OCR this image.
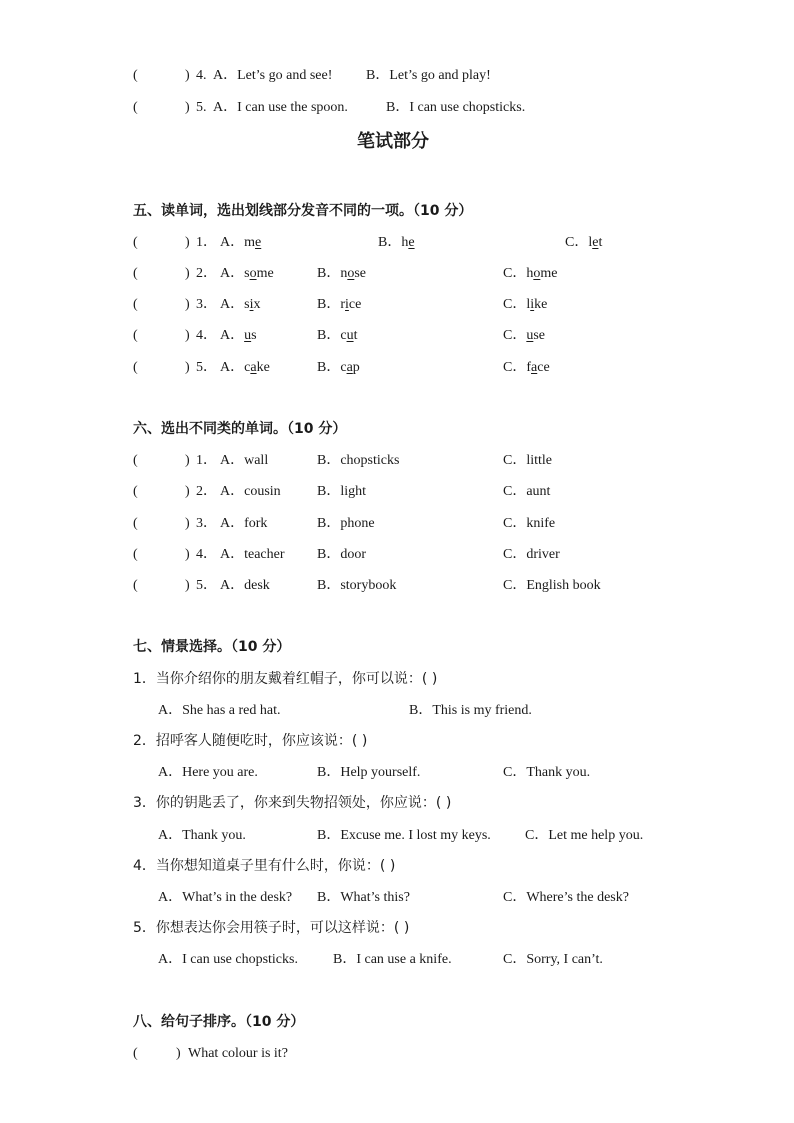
(	) 4. A．Let’s go and see! B．Let’s go and play!
(	) 5. A．I can use the spoon.	B．I can use chopsticks.
笔试部分
五、读单词，选出划线部分发音不同的一项。（10 分）
(	) 1． A．me	B．he	C．let
(	) 2． A．some	B．nose	C．home
(	) 3． A．six	B．rice	C．like
(	) 4． A．us	B．cut	C．use
(	) 5． A．cake	B．cap	C．face
六、选出不同类的单词。（10 分）
(	) 1． A．wall	B．chopsticks	C．little
(	) 2． A．cousin	B．light	C．aunt
(	) 3． A．fork	B．phone	C．knife
(	) 4． A．teacher B．door	C．driver
(	) 5． A．desk	B．storybook	C．English book
七、情景选择。（10 分）
1．当你介绍你的朋友戴着红帽子，你可以说：( )
A．She has a red hat.	B．This is my friend.
2．招呼客人随便吃时，你应该说：( )
A．Here you are.	B．Help yourself.	C．Thank you.
3．你的钥匙丢了，你来到失物招领处，你应说：( )
A．Thank you.	B．Excuse me. I lost my keys. C．Let me help you.
4．当你想知道桌子里有什么时，你说：( )
A．What’s in the desk? B．What’s this?	C．Where’s the desk?
5．你想表达你会用筷子时，可以这样说：( )
A．I can use chopsticks.	B．I can use a knife.	C．Sorry, I can’t.
八、给句子排序。（10 分）
(	) What colour is it?
